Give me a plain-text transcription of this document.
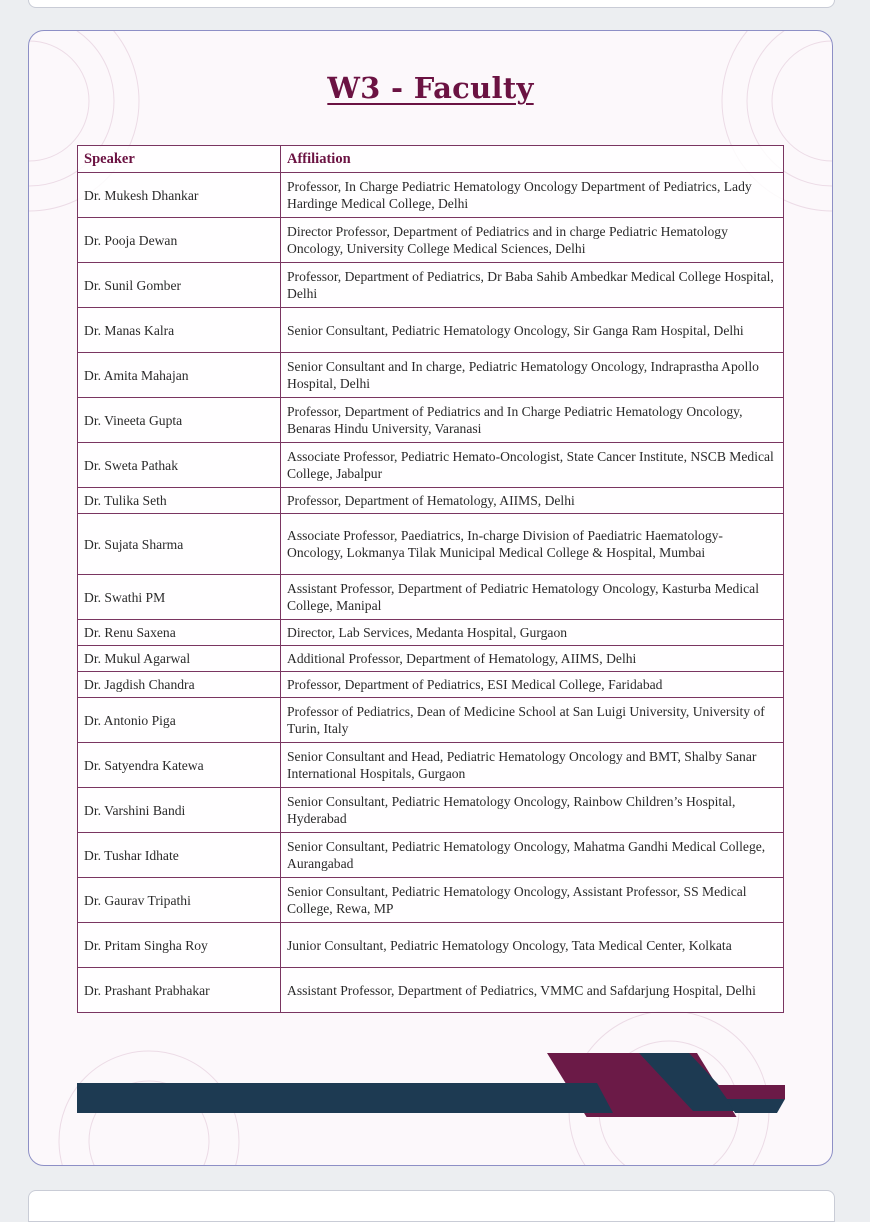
W3 - Faculty
Speaker	Affiliation
Dr. Mukesh Dhankar	Professor, In Charge Pediatric Hematology Oncology Department of Pediatrics, Lady Hardinge Medical College, Delhi
Dr. Pooja Dewan	Director Professor, Department of Pediatrics and in charge Pediatric Hematology Oncology, University College Medical Sciences, Delhi
Dr. Sunil Gomber	Professor, Department of Pediatrics, Dr Baba Sahib Ambedkar Medical College Hospital, Delhi
Dr. Manas Kalra	Senior Consultant, Pediatric Hematology Oncology, Sir Ganga Ram Hospital, Delhi
Dr. Amita Mahajan	Senior Consultant and In charge, Pediatric Hematology Oncology, Indraprastha Apollo Hospital, Delhi
Dr. Vineeta Gupta	Professor, Department of Pediatrics and In Charge Pediatric Hematology Oncology, Benaras Hindu University, Varanasi
Dr. Sweta Pathak	Associate Professor, Pediatric Hemato-Oncologist, State Cancer Institute, NSCB Medical College, Jabalpur
Dr. Tulika Seth	Professor, Department of Hematology, AIIMS, Delhi
Dr. Sujata Sharma	Associate Professor, Paediatrics, In-charge Division of Paediatric Haematology-Oncology, Lokmanya Tilak Municipal Medical College & Hospital, Mumbai
Dr. Swathi PM	Assistant Professor, Department of Pediatric Hematology Oncology, Kasturba Medical College, Manipal
Dr. Renu Saxena	Director, Lab Services, Medanta Hospital, Gurgaon
Dr. Mukul Agarwal	Additional Professor, Department of Hematology, AIIMS, Delhi
Dr. Jagdish Chandra	Professor, Department of Pediatrics, ESI Medical College, Faridabad
Dr. Antonio Piga	Professor of Pediatrics, Dean of Medicine School at San Luigi University, University of Turin, Italy
Dr. Satyendra Katewa	Senior Consultant and Head, Pediatric Hematology Oncology and BMT, Shalby Sanar International Hospitals, Gurgaon
Dr. Varshini Bandi	Senior Consultant, Pediatric Hematology Oncology, Rainbow Children’s Hospital, Hyderabad
Dr. Tushar Idhate	Senior Consultant, Pediatric Hematology Oncology, Mahatma Gandhi Medical College, Aurangabad
Dr. Gaurav Tripathi	Senior Consultant, Pediatric Hematology Oncology, Assistant Professor, SS Medical College, Rewa, MP
Dr. Pritam Singha Roy	Junior Consultant, Pediatric Hematology Oncology, Tata Medical Center, Kolkata
Dr. Prashant Prabhakar	Assistant Professor, Department of Pediatrics, VMMC and Safdarjung Hospital, Delhi
